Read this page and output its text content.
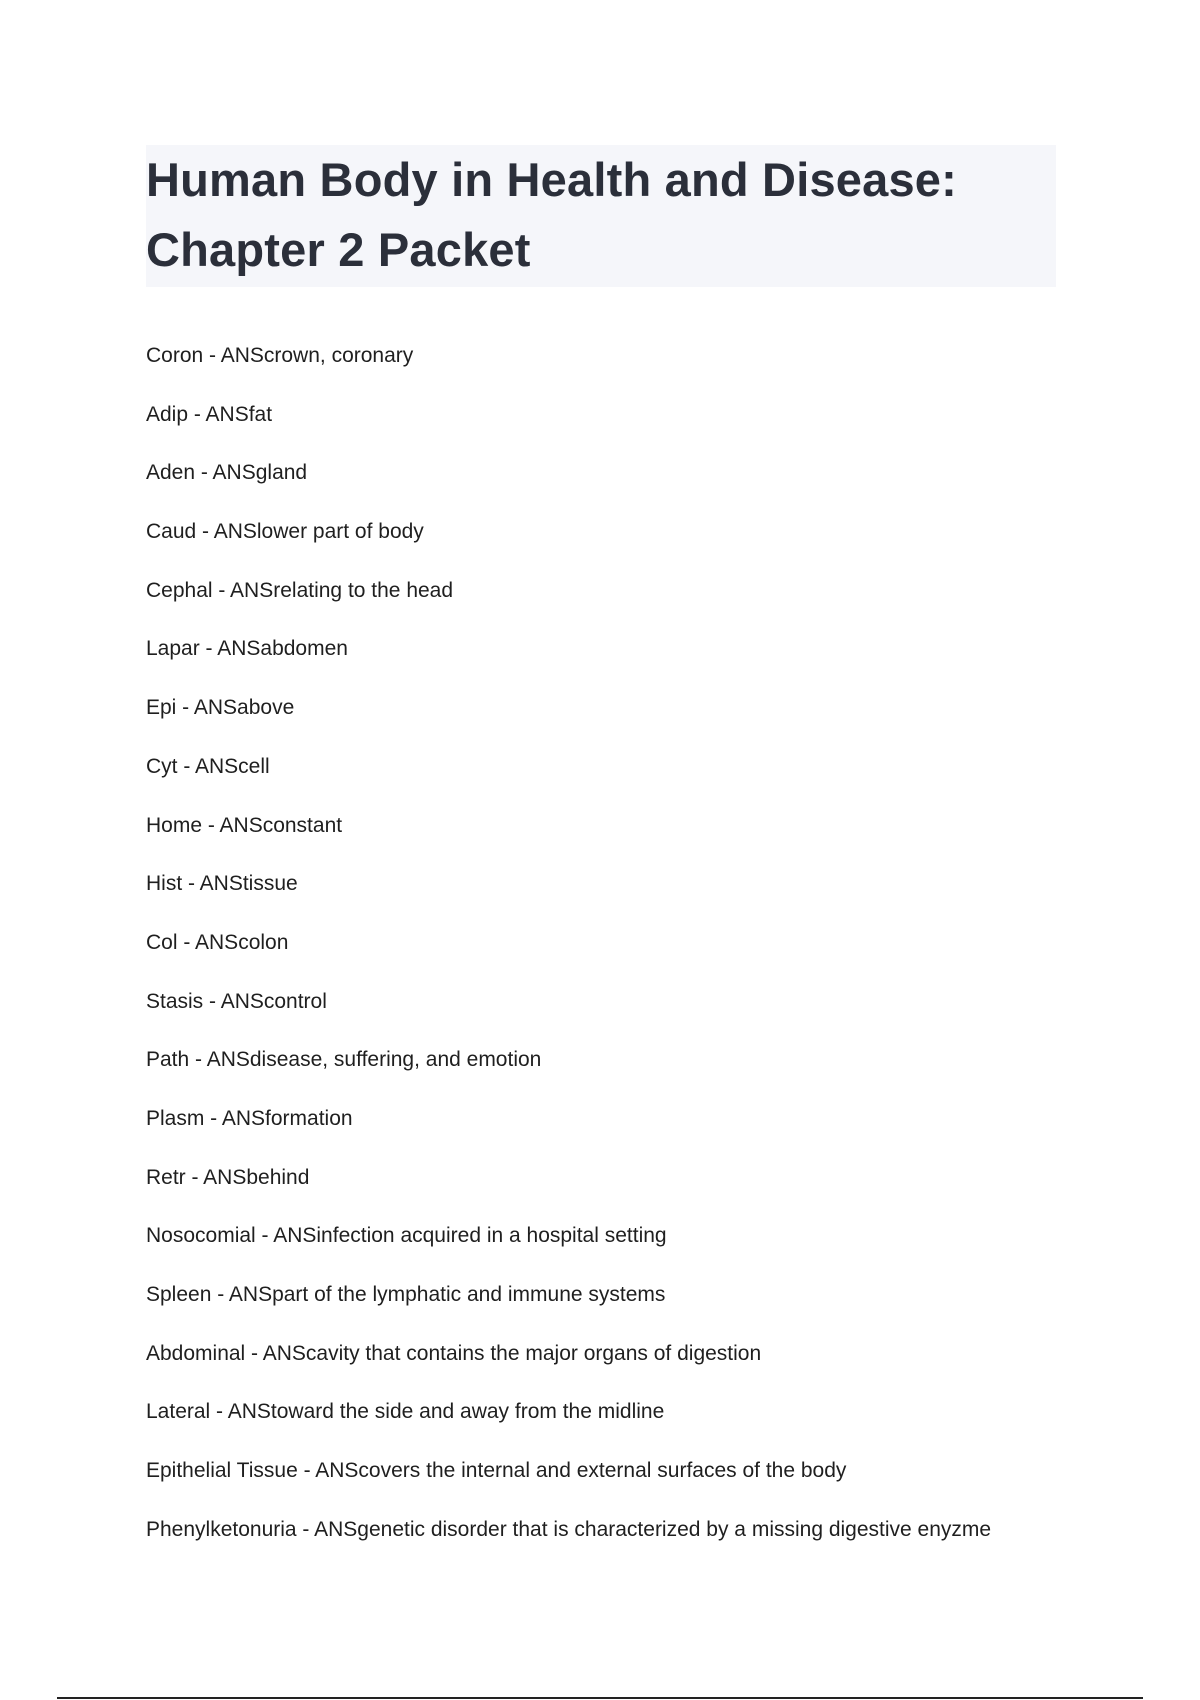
Human Body in Health and Disease:
Chapter 2 Packet
Coron - ANScrown, coronary
Adip - ANSfat
Aden - ANSgland
Caud - ANSlower part of body
Cephal - ANSrelating to the head
Lapar - ANSabdomen
Epi - ANSabove
Cyt - ANScell
Home - ANSconstant
Hist - ANStissue
Col - ANScolon
Stasis - ANScontrol
Path - ANSdisease, suffering, and emotion
Plasm - ANSformation
Retr - ANSbehind
Nosocomial - ANSinfection acquired in a hospital setting
Spleen - ANSpart of the lymphatic and immune systems
Abdominal - ANScavity that contains the major organs of digestion
Lateral - ANStoward the side and away from the midline
Epithelial Tissue - ANScovers the internal and external surfaces of the body
Phenylketonuria - ANSgenetic disorder that is characterized by a missing digestive enyzme
